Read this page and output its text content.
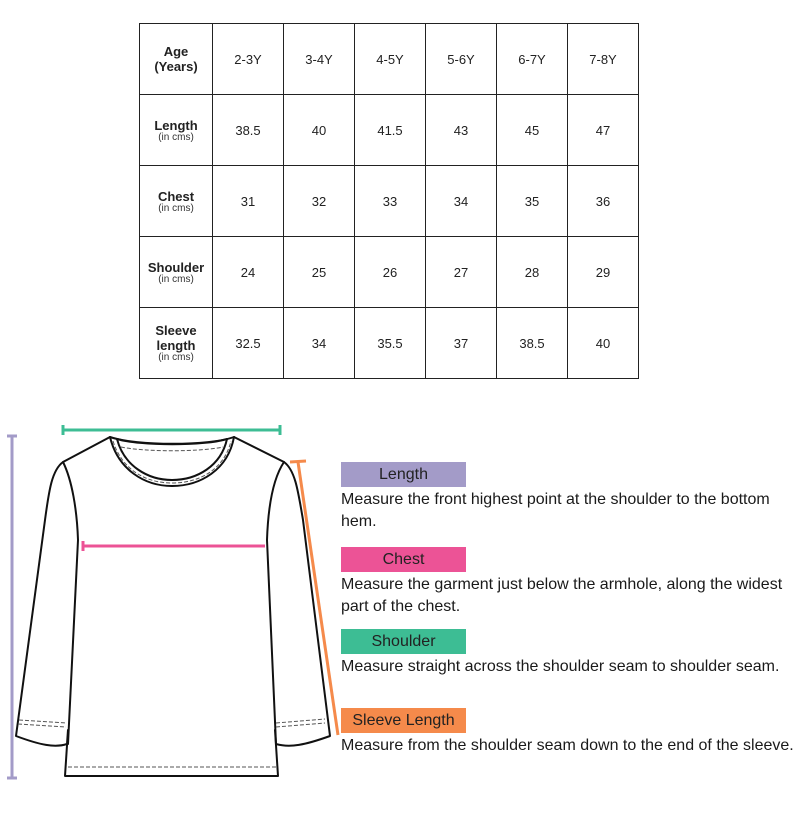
Age
(Years)	2-3Y	3-4Y	4-5Y	5-6Y	6-7Y	7-8Y

Length
(in cms)	38.5	40	41.5	43	45	47

Chest
(in cms)	31	32	33	34	35	36

Shoulder
(in cms)	24	25	26	27	28	29

Sleeve
length
(in cms)	32.5	34	35.5	37	38.5	40
Length

Measure the front highest point at the shoulder to the bottom hem.

Chest

Measure the garment just below the armhole, along the widest part of the chest.

Shoulder

Measure straight across the shoulder seam to shoulder seam.

Sleeve Length

Measure from the shoulder seam down to the end of the sleeve.
